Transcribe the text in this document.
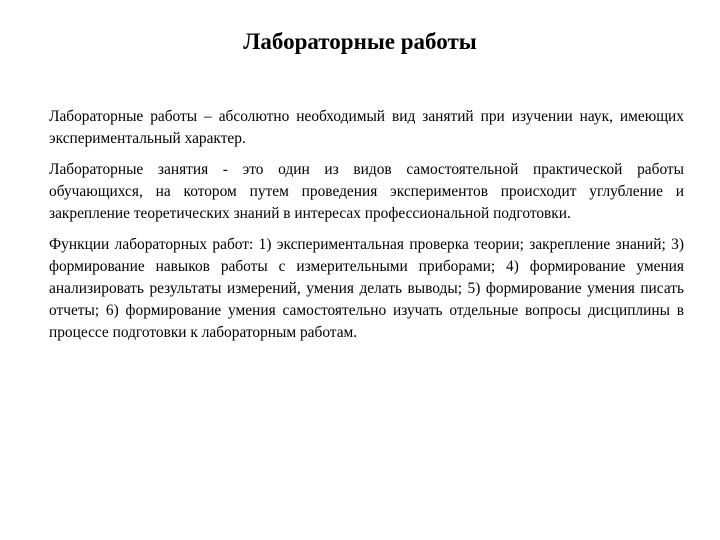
Лабораторные работы

Лабораторные работы – абсолютно необходимый вид занятий при изучении наук, имеющих экспериментальный характер.

Лабораторные занятия - это один из видов самостоятельной практической работы обучающихся, на котором путем проведения экспериментов происходит углубление и закрепление теоретических знаний в интересах профессиональной подготовки.

Функции лабораторных работ: 1) экспериментальная проверка теории; закрепление знаний; 3) формирование навыков работы с измерительными приборами; 4) формирование умения анализировать результаты измерений, умения делать выводы; 5) формирование умения писать отчеты; 6) формирование умения самостоятельно изучать отдельные вопросы дисциплины в процессе подготовки к лабораторным работам.
